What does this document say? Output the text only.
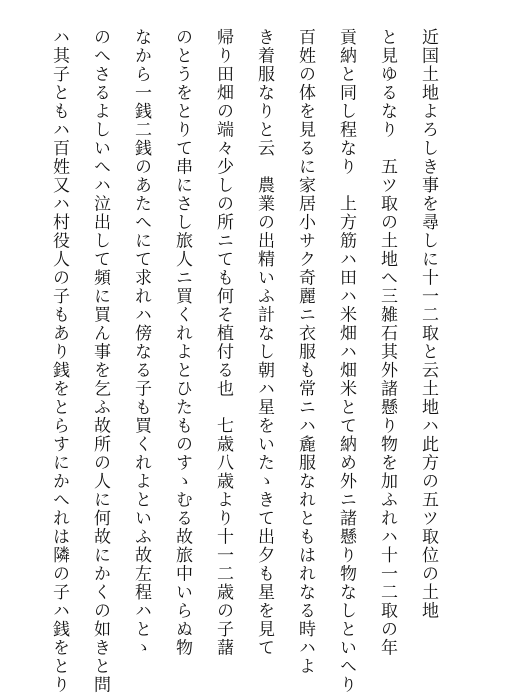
近国土地よろしき事を尋しに十一二取と云土地ハ此方の五ツ取位の土地
と見ゆるなり　五ツ取の土地へ三雑石其外諸懸り物を加ふれハ十一二取の年
貢納と同し程なり　上方筋ハ田ハ米畑ハ畑米とて納め外ニ諸懸り物なしといへり
百姓の体を見るに家居小サク奇麗ニ衣服も常ニハ麁服なれともはれなる時ハよ
き着服なりと云　農業の出精いふ計なし朝ハ星をいたゝきて出夕も星を見て
帰り田畑の端々少しの所ニても何そ植付る也　七歳八歳より十一二歳の子藷
のとうをとりて串にさし旅人ニ買くれよとひたものすゝむる故旅中いらぬ物
なから一銭二銭のあたへにて求れハ傍なる子も買くれよといふ故左程ハとゝ
のへさるよしいへハ泣出して頻に買ん事を乞ふ故所の人に何故にかくの如きと問
ハ其子ともハ百姓又ハ村役人の子もあり銭をとらすにかへれは隣の子ハ銭をとり
